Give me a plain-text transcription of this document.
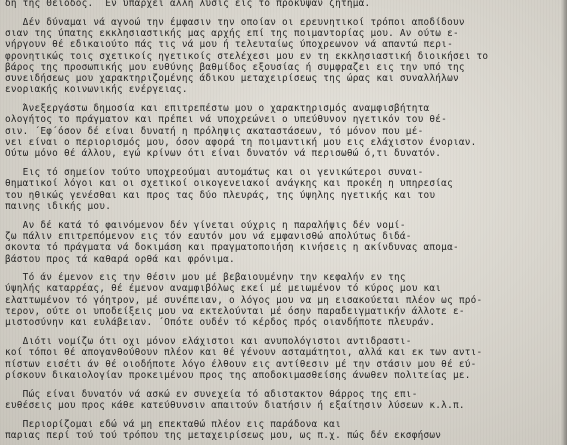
δη της Θειοδος. ΄Εν υπαρχει άλλη λύσις εις το προκύψαν ζήτημα.
Δέν δύναμαι νά αγνοώ την έμφασιν την οποίαν οι ερευνητικοί τρόποι αποδίδουν
σιαν της ύπατης εκκλησιαστικής μας αρχής επί της ποιμαντορίας μου. Αν ούτω ε-
νήργουν θέ εδικαιούτο πάς τις νά μου ή τελευταίως ύποχρεωνον νά απαντώ περι-
φρονητικώς τοις σχετικοίς ηγετικοίς στελέχεσι μου εν τη εκκλησιαστική διοικήσει το
βάρος της προσωπικής μου ευθύνης βαθμίδος εξουσίας ή συμφραζει εις την υπό της
συνειδήσεως μου χαρακτηριζομένης άδικου μεταχειρίσεως της ώρας και συναλλήλων
ενοριακής κοινωνικής ενέργειας.
Άνεξεργάστω δημοσία και επιτρεπέστω μου ο χαρακτηρισμός αναμφισβήτητα
ολογήτος το πράγματον και πρέπει νά υποχρεώνει ο υπεύθυνον ηγετικόν του θέ-
σιν. ΄Εφ΄όσον δέ είναι δυνατή η πρόληψις ακαταστάσεων, τό μόνον που μέ-
νει είναι ο περιορισμός μου, όσον αφορά τη ποιμαντική μου εις ελάχιστον ένοριαν.
Ούτω μόνο θέ άλλου, εγώ κρίνων ότι είναι δυνατόν νά περισωθώ ό,τι δυνατόν.
Εις τό σημείον τούτο υποχρεούμαι αυτομάτως και οι γενικώτεροι συναι-
θηματικοί λόγοι και οι σχετικοί οικογενειακοί ανάγκης και προκέη η υπηρεσίας
του ηθικώς γενέσθαι και προς τας δύο πλευράς, της ύψηλης ηγετικής και του
παινης ιδικής μου.
Αν δέ κατά τό φαινόμενον δέν γίνεται ούχρις η παραλήψις δέν νομί-
ζω πάλιν επιτρεπόμενον εις τόν εαυτόν μου νά εμφανισθώ απολύτως διδά-
σκοντα τό πράγματα νά δοκιμάση και πραγματοποιήση κινήσεις η ακίνδυνας απομα-
βάστου προς τά καθαρά ορθά και φρόνιμα.
Τό άν έμενον εις την θέσιν μου μέ βεβαιουμένην την κεφαλήν εν της
ύψηλής καταρρέας, θέ έμενον αναμφιβόλως εκεί μέ μειωμένον τό κύρος μου και
ελαττωμένον τό γόητρον, μέ συνέπειαν, ο λόγος μου να μη εισακούεται πλέον ως πρό-
τερον, ούτε οι υποδείξεις μου να εκτελούνται μέ όσην παραδειγματικήν άλλοτε ε-
μιστοσύνην και ευλάβειαν. ΄Οπότε ουδέν τό κέρδος πρός οιανδήποτε πλευράν.
Διότι νομίζω ότι οχι μόνον ελάχιστοι και ανυπολόγιστοι αντιδραστι-
κοί τόποι θέ απογανθούθουν πλέον και θέ γένουν ασταμάτητοι, αλλά και εκ των αντι-
πίστων εισέτι άν θέ οιοδήποτε λόγο έλθουν εις αντίθεσιν μέ την στάσιν μου θέ εύ-
ρίσκουν δικαιολογίαν προκειμένου προς της αποδοκιμασθείσης άνωθεν πολιτείας με.
Πώς είναι δυνατόν νά ασκώ εν συνεχεία τό αδιστακτον θάρρος της επι-
ευθέσεις μου προς κάθε κατεύθυνσιν απαιτούν διατήσιν ή εξαίτησιν λύσεων κ.λ.π.
Περιορίζομαι εδώ νά μη επεκταθώ πλέον εις παράδονα και
παριας περί τού τού τρόπου της μεταχειρίσεως μου, ως π.χ. πώς δέν εκσφήσων
